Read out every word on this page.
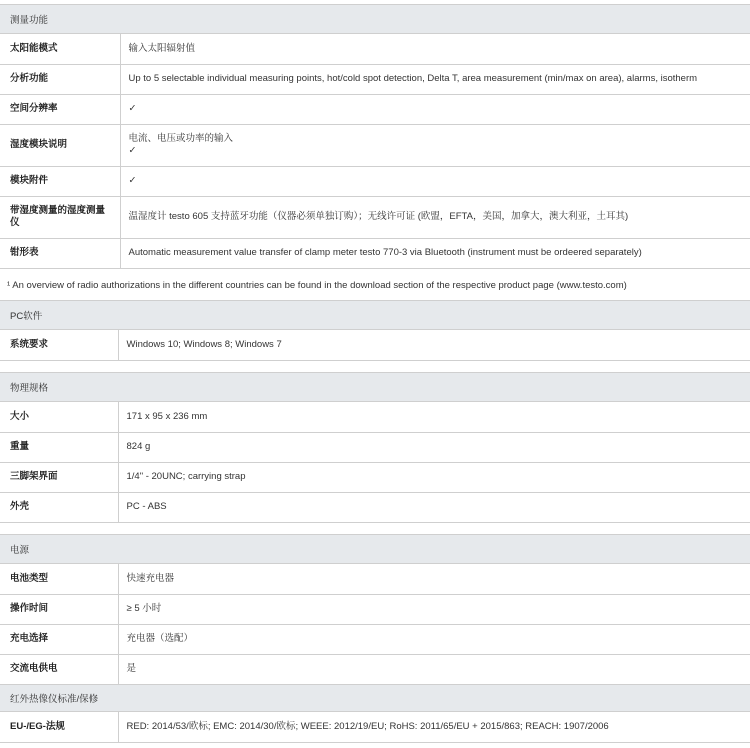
测量功能
太阳能模式	输入太阳辐射值
分析功能	Up to 5 selectable individual measuring points, hot/cold spot detection, Delta T, area measurement (min/max on area), alarms, isotherm
空间分辨率	✓
湿度模块说明	电流、电压或功率的输入
✓

模块附件	✓
带湿度测量的湿度测量仪	温湿度计 testo 605 支持蓝牙功能（仪器必须单独订购）；无线许可证 (欧盟，EFTA，美国，加拿大，澳大利亚，土耳其)
钳形表	Automatic measurement value transfer of clamp meter testo 770-3 via Bluetooth (instrument must be ordeered separately)
¹ An overview of radio authorizations in the different countries can be found in the download section of the respective product page (www.testo.com)
PC软件
系统要求	Windows 10; Windows 8; Windows 7
物理规格
大小	171 x 95 x 236 mm
重量	824 g
三脚架界面	1/4" - 20UNC; carrying strap
外壳	PC - ABS
电源
电池类型	快速充电器
操作时间	≥ 5 小时
充电选择	充电器（选配）
交流电供电	是
红外热像仪标准/保修
EU-/EG-法规	RED: 2014/53/欧标; EMC: 2014/30/欧标; WEEE: 2012/19/EU; RoHS: 2011/65/EU + 2015/863; REACH: 1907/2006
